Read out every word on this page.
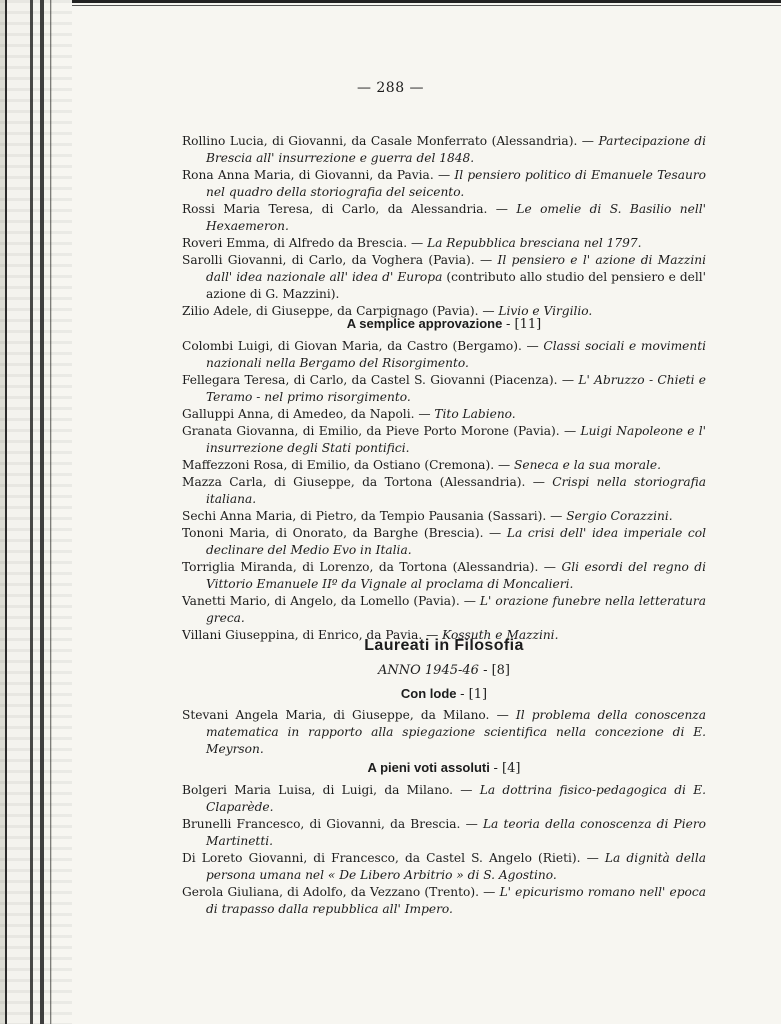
— 288 —
Rollino Lucia, di Giovanni, da Casale Monferrato (Alessandria). — Partecipazione di Brescia all' insurrezione e guerra del 1848.
Rona Anna Maria, di Giovanni, da Pavia. — Il pensiero politico di Emanuele Tesauro nel quadro della storiografia del seicento.
Rossi Maria Teresa, di Carlo, da Alessandria. — Le omelie di S. Basilio nell' Hexaemeron.
Roveri Emma, di Alfredo da Brescia. — La Repubblica bresciana nel 1797.
Sarolli Giovanni, di Carlo, da Voghera (Pavia). — Il pensiero e l' azione di Mazzini dall' idea nazionale all' idea d' Europa (contributo allo studio del pensiero e dell' azione di G. Mazzini).
Zilio Adele, di Giuseppe, da Carpignago (Pavia). — Livio e Virgilio.
A semplice approvazione - [11]
Colombi Luigi, di Giovan Maria, da Castro (Bergamo). — Classi sociali e movimenti nazionali nella Bergamo del Risorgimento.
Fellegara Teresa, di Carlo, da Castel S. Giovanni (Piacenza). — L' Abruzzo - Chieti e Teramo - nel primo risorgimento.
Galluppi Anna, di Amedeo, da Napoli. — Tito Labieno.
Granata Giovanna, di Emilio, da Pieve Porto Morone (Pavia). — Luigi Napoleone e l' insurrezione degli Stati pontifici.
Maffezzoni Rosa, di Emilio, da Ostiano (Cremona). — Seneca e la sua morale.
Mazza Carla, di Giuseppe, da Tortona (Alessandria). — Crispi nella storiografia italiana.
Sechi Anna Maria, di Pietro, da Tempio Pausania (Sassari). — Sergio Corazzini.
Tononi Maria, di Onorato, da Barghe (Brescia). — La crisi dell' idea imperiale col declinare del Medio Evo in Italia.
Torriglia Miranda, di Lorenzo, da Tortona (Alessandria). — Gli esordi del regno di Vittorio Emanuele IIº da Vignale al proclama di Moncalieri.
Vanetti Mario, di Angelo, da Lomello (Pavia). — L' orazione funebre nella letteratura greca.
Villani Giuseppina, di Enrico, da Pavia. — Kossuth e Mazzini.
Laureati in Filosofia
ANNO 1945-46 - [8]
Con lode - [1]
Stevani Angela Maria, di Giuseppe, da Milano. — Il problema della conoscenza matematica in rapporto alla spiegazione scientifica nella concezione di E. Meyrson.
A pieni voti assoluti - [4]
Bolgeri Maria Luisa, di Luigi, da Milano. — La dottrina fisico-pedagogica di E. Claparède.
Brunelli Francesco, di Giovanni, da Brescia. — La teoria della conoscenza di Piero Martinetti.
Di Loreto Giovanni, di Francesco, da Castel S. Angelo (Rieti). — La dignità della persona umana nel « De Libero Arbitrio » di S. Agostino.
Gerola Giuliana, di Adolfo, da Vezzano (Trento). — L' epicurismo romano nell' epoca di trapasso dalla repubblica all' Impero.
